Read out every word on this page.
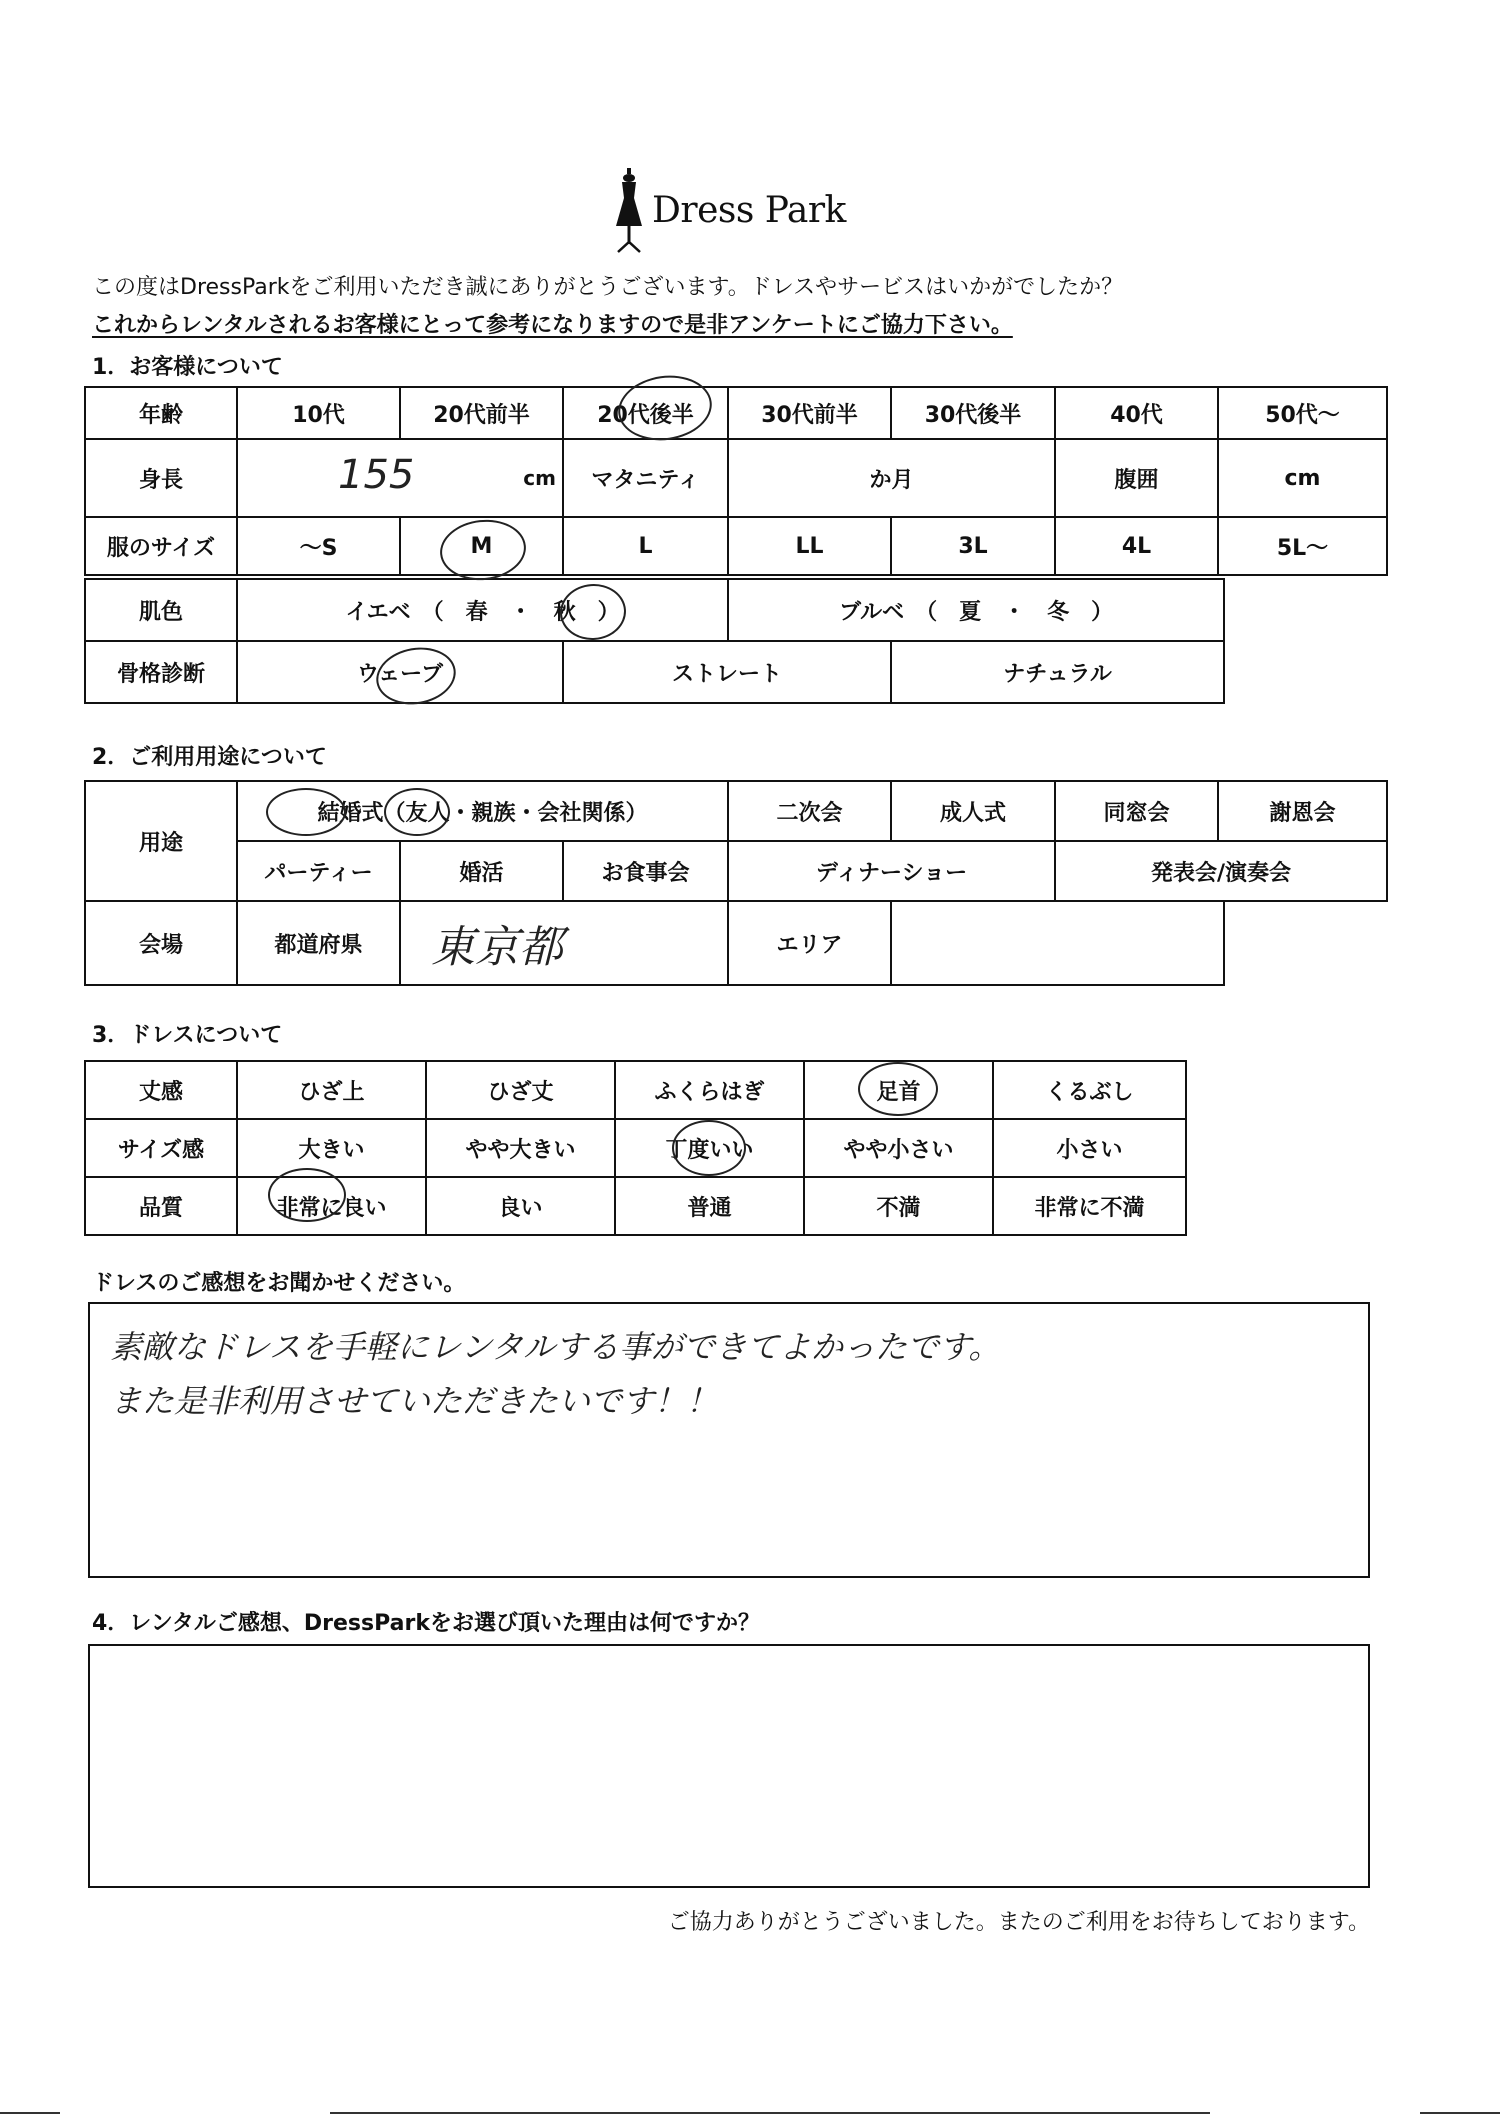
Dress Park
この度はDressParkをご利用いただき誠にありがとうございます。ドレスやサービスはいかがでしたか？
これからレンタルされるお客様にとって参考になりますので是非アンケートにご協力下さい。
1．お客様について
年齢	10代	20代前半	20代後半	30代前半	30代後半	40代	50代～
身長	155 cm		マタニティ	か月		腹囲	cm
服のサイズ	～S	M	L	LL	3L	4L	5L～
肌色	イエベ　（　春　・　秋　）		ブルベ　（　夏　・　冬　）	
骨格診断	ウェーブ	ストレート		ナチュラル
2．ご利用用途について
用途	結婚式（友人・親族・会社関係）			二次会	成人式	同窓会	謝恩会
	パーティー	婚活	お食事会	ディナーショー		発表会/演奏会	
会場	都道府県	東京都	エリア	
3．ドレスについて
丈感	ひざ上	ひざ丈	ふくらはぎ	足首	くるぶし
サイズ感	大きい	やや大きい	丁度いい	やや小さい	小さい
品質	非常に良い	良い	普通	不満	非常に不満
ドレスのご感想をお聞かせください。
素敵なドレスを手軽にレンタルする事ができてよかったです。
また是非利用させていただきたいです！！
4．レンタルご感想、DressParkをお選び頂いた理由は何ですか？
ご協力ありがとうございました。またのご利用をお待ちしております。
